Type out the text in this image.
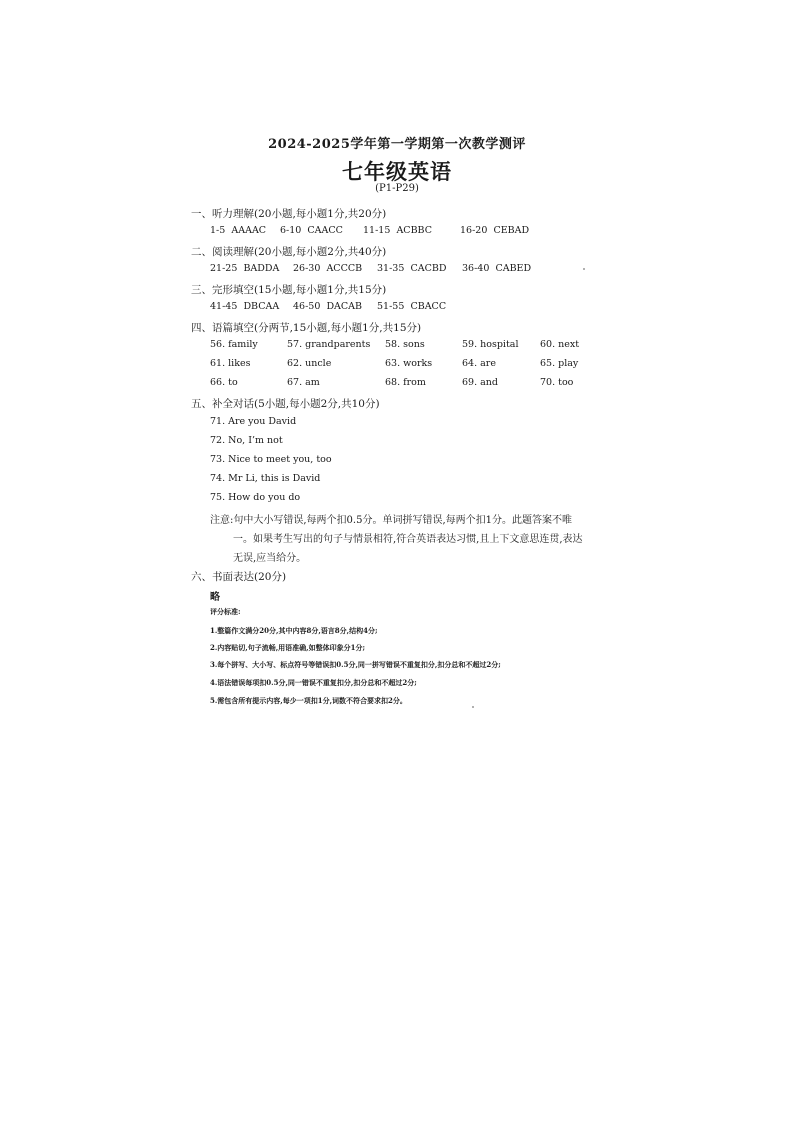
2024-2025学年第一学期第一次教学测评
七年级英语
(P1-P29)
一、听力理解(20小题,每小题1分,共20分)
1-5 AAAAC 6-10 CAACC 11-15 ACBBC	16-20 CEBAD
二、阅读理解(20小题,每小题2分,共40分)
21-25 BADDA 26-30 ACCCB 31-35 CACBD 36-40 CABED
三、完形填空(15小题,每小题1分,共15分)
41-45 DBCAA 46-50 DACAB 51-55 CBACC
四、语篇填空(分两节,15小题,每小题1分,共15分)
56. family	57. grandparents 58. sons	59. hospital 60. next
61. likes	62. uncle	63. works	64. are	65. play
66. to	67. am	68. from	69. and	70. too
五、补全对话(5小题,每小题2分,共10分)
71. Are you David
72. No, I’m not
73. Nice to meet you, too
74. Mr Li, this is David
75. How do you do
注意:句中大小写错误,每两个扣0.5分。单词拼写错误,每两个扣1分。此题答案不唯
一。如果考生写出的句子与情景相符,符合英语表达习惯,且上下文意思连贯,表达
无误,应当给分。
六、书面表达(20分)
略
评分标准:
1.整篇作文满分20分,其中内容8分,语言8分,结构4分;
2.内容贴切,句子流畅,用语准确,如整体印象分1分;
3.每个拼写、大小写、标点符号等错误扣0.5分,同一拼写错误不重复扣分,扣分总和不超过2分;
4.语法错误每项扣0.5分,同一错误不重复扣分,扣分总和不超过2分;
5.需包含所有提示内容,每少一项扣1分,词数不符合要求扣2分。
